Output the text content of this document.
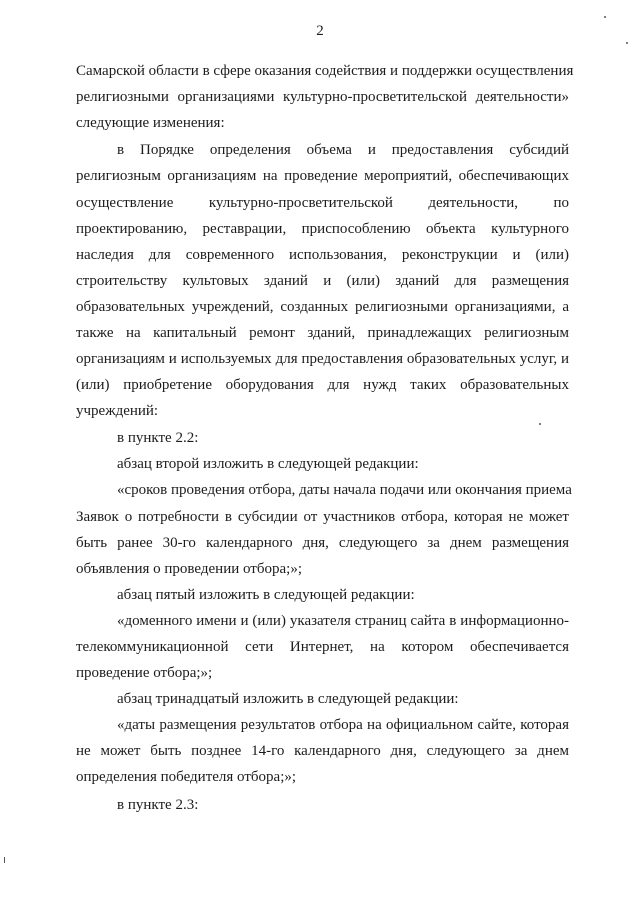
2
Самарской области в сфере оказания содействия и поддержки осуществления
религиозными организациями культурно-просветительской деятельности»
следующие изменения:
в Порядке определения объема и предоставления субсидий
религиозным организациям на проведение мероприятий, обеспечивающих
осуществление культурно-просветительской деятельности, по
проектированию, реставрации, приспособлению объекта культурного
наследия для современного использования, реконструкции и (или)
строительству культовых зданий и (или) зданий для размещения
образовательных учреждений, созданных религиозными организациями, а
также на капитальный ремонт зданий, принадлежащих религиозным
организациям и используемых для предоставления образовательных услуг, и
(или) приобретение оборудования для нужд таких образовательных
учреждений:
в пункте 2.2:
абзац второй изложить в следующей редакции:
«сроков проведения отбора, даты начала подачи или окончания приема
Заявок о потребности в субсидии от участников отбора, которая не может
быть ранее 30-го календарного дня, следующего за днем размещения
объявления о проведении отбора;»;
абзац пятый изложить в следующей редакции:
«доменного имени и (или) указателя страниц сайта в информационно-
телекоммуникационной сети Интернет, на котором обеспечивается
проведение отбора;»;
абзац тринадцатый изложить в следующей редакции:
«даты размещения результатов отбора на официальном сайте, которая
не может быть позднее 14-го календарного дня, следующего за днем
определения победителя отбора;»;
в пункте 2.3:
